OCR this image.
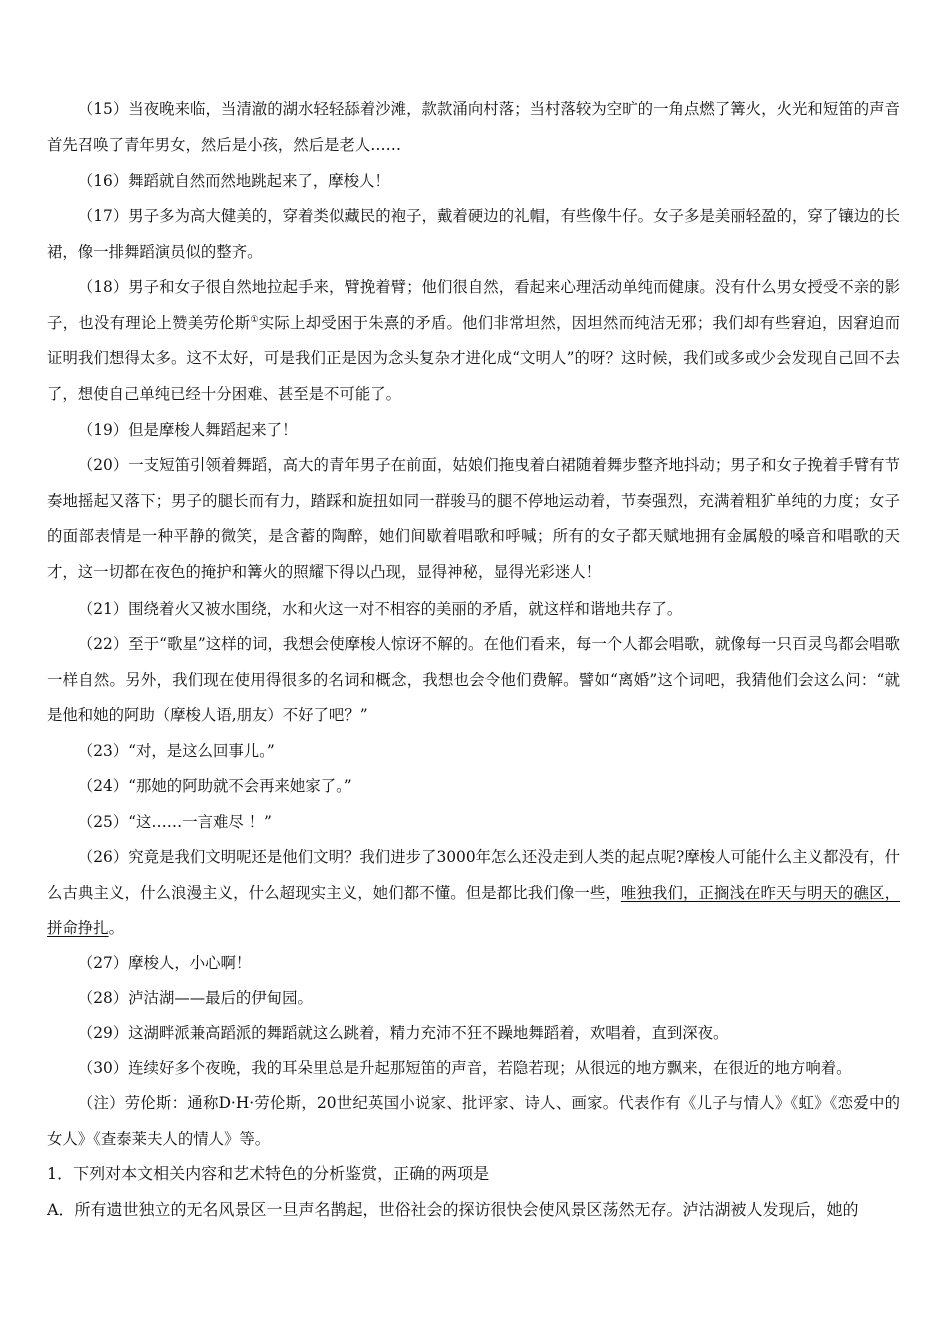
（15）当夜晚来临，当清澈的湖水轻轻舔着沙滩，款款涌向村落；当村落较为空旷的一角点燃了篝火，火光和短笛的声音首先召唤了青年男女，然后是小孩，然后是老人……

（16）舞蹈就自然而然地跳起来了，摩梭人！

（17）男子多为高大健美的，穿着类似藏民的袍子，戴着硬边的礼帽，有些像牛仔。女子多是美丽轻盈的，穿了镶边的长裙，像一排舞蹈演员似的整齐。

（18）男子和女子很自然地拉起手来，臂挽着臂；他们很自然，看起来心理活动单纯而健康。没有什么男女授受不亲的影子，也没有理论上赞美劳伦斯①实际上却受困于朱熹的矛盾。他们非常坦然，因坦然而纯洁无邪；我们却有些窘迫，因窘迫而证明我们想得太多。这不太好，可是我们正是因为念头复杂才进化成“文明人”的呀？这时候，我们或多或少会发现自己回不去了，想使自己单纯已经十分困难、甚至是不可能了。

（19）但是摩梭人舞蹈起来了！

（20）一支短笛引领着舞蹈，高大的青年男子在前面，姑娘们拖曳着白裙随着舞步整齐地抖动；男子和女子挽着手臂有节奏地摇起又落下；男子的腿长而有力，踏踩和旋扭如同一群骏马的腿不停地运动着，节奏强烈，充满着粗犷单纯的力度；女子的面部表情是一种平静的微笑，是含蓄的陶醉，她们间歇着唱歌和呼喊；所有的女子都天赋地拥有金属般的嗓音和唱歌的天才，这一切都在夜色的掩护和篝火的照耀下得以凸现，显得神秘，显得光彩迷人！

（21）围绕着火又被水围绕，水和火这一对不相容的美丽的矛盾，就这样和谐地共存了。

（22）至于“歌星”这样的词，我想会使摩梭人惊讶不解的。在他们看来，每一个人都会唱歌，就像每一只百灵鸟都会唱歌一样自然。另外，我们现在使用得很多的名词和概念，我想也会令他们费解。譬如“离婚”这个词吧，我猜他们会这么问：“就是他和她的阿助（摩梭人语,朋友）不好了吧？”

（23）“对，是这么回事儿。”

（24）“那她的阿助就不会再来她家了。”

（25）“这……一言难尽 ！”

（26）究竟是我们文明呢还是他们文明？我们进步了3000年怎么还没走到人类的起点呢?摩梭人可能什么主义都没有，什么古典主义，什么浪漫主义，什么超现实主义，她们都不懂。但是都比我们像一些，唯独我们，正搁浅在昨天与明天的礁区，拼命挣扎。

（27）摩梭人，小心啊！

（28）泸沽湖——最后的伊甸园。

（29）这湖畔派兼高蹈派的舞蹈就这么跳着，精力充沛不狂不躁地舞蹈着，欢唱着，直到深夜。

（30）连续好多个夜晚，我的耳朵里总是升起那短笛的声音，若隐若现；从很远的地方飘来，在很近的地方响着。

（注）劳伦斯：通称D·H·劳伦斯，20世纪英国小说家、批评家、诗人、画家。代表作有《儿子与情人》《虹》《恋爱中的女人》《查泰莱夫人的情人》等。

1．下列对本文相关内容和艺术特色的分析鉴赏，正确的两项是

A．所有遗世独立的无名风景区一旦声名鹊起，世俗社会的探访很快会使风景区荡然无存。泸沽湖被人发现后，她的
